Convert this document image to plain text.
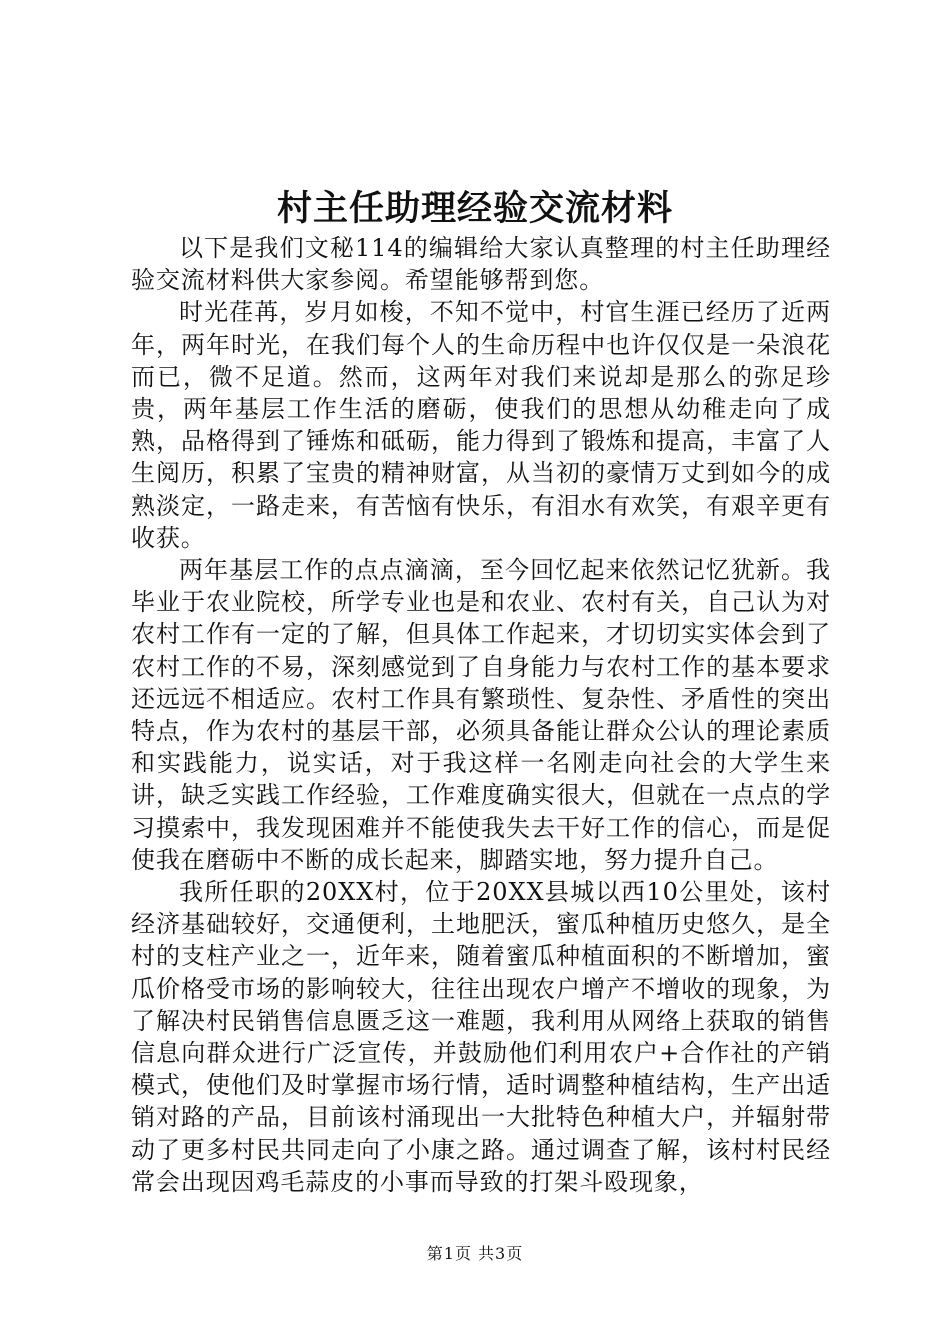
村主任助理经验交流材料

以下是我们文秘114的编辑给大家认真整理的村主任助理经验交流材料供大家参阅。希望能够帮到您。

时光荏苒，岁月如梭，不知不觉中，村官生涯已经历了近两年，两年时光，在我们每个人的生命历程中也许仅仅是一朵浪花而已，微不足道。然而，这两年对我们来说却是那么的弥足珍贵，两年基层工作生活的磨砺，使我们的思想从幼稚走向了成熟，品格得到了锤炼和砥砺，能力得到了锻炼和提高，丰富了人生阅历，积累了宝贵的精神财富，从当初的豪情万丈到如今的成熟淡定，一路走来，有苦恼有快乐，有泪水有欢笑，有艰辛更有收获。

两年基层工作的点点滴滴，至今回忆起来依然记忆犹新。我毕业于农业院校，所学专业也是和农业、农村有关，自己认为对农村工作有一定的了解，但具体工作起来，才切切实实体会到了农村工作的不易，深刻感觉到了自身能力与农村工作的基本要求还远远不相适应。农村工作具有繁琐性、复杂性、矛盾性的突出特点，作为农村的基层干部，必须具备能让群众公认的理论素质和实践能力，说实话，对于我这样一名刚走向社会的大学生来讲，缺乏实践工作经验，工作难度确实很大，但就在一点点的学习摸索中，我发现困难并不能使我失去干好工作的信心，而是促使我在磨砺中不断的成长起来，脚踏实地，努力提升自己。

我所任职的20XX村，位于20XX县城以西10公里处，该村经济基础较好，交通便利，土地肥沃，蜜瓜种植历史悠久，是全村的支柱产业之一，近年来，随着蜜瓜种植面积的不断增加，蜜瓜价格受市场的影响较大，往往出现农户增产不增收的现象，为了解决村民销售信息匮乏这一难题，我利用从网络上获取的销售信息向群众进行广泛宣传，并鼓励他们利用农户+合作社的产销模式，使他们及时掌握市场行情，适时调整种植结构，生产出适销对路的产品，目前该村涌现出一大批特色种植大户，并辐射带动了更多村民共同走向了小康之路。通过调查了解，该村村民经常会出现因鸡毛蒜皮的小事而导致的打架斗殴现象，

第1页 共3页
